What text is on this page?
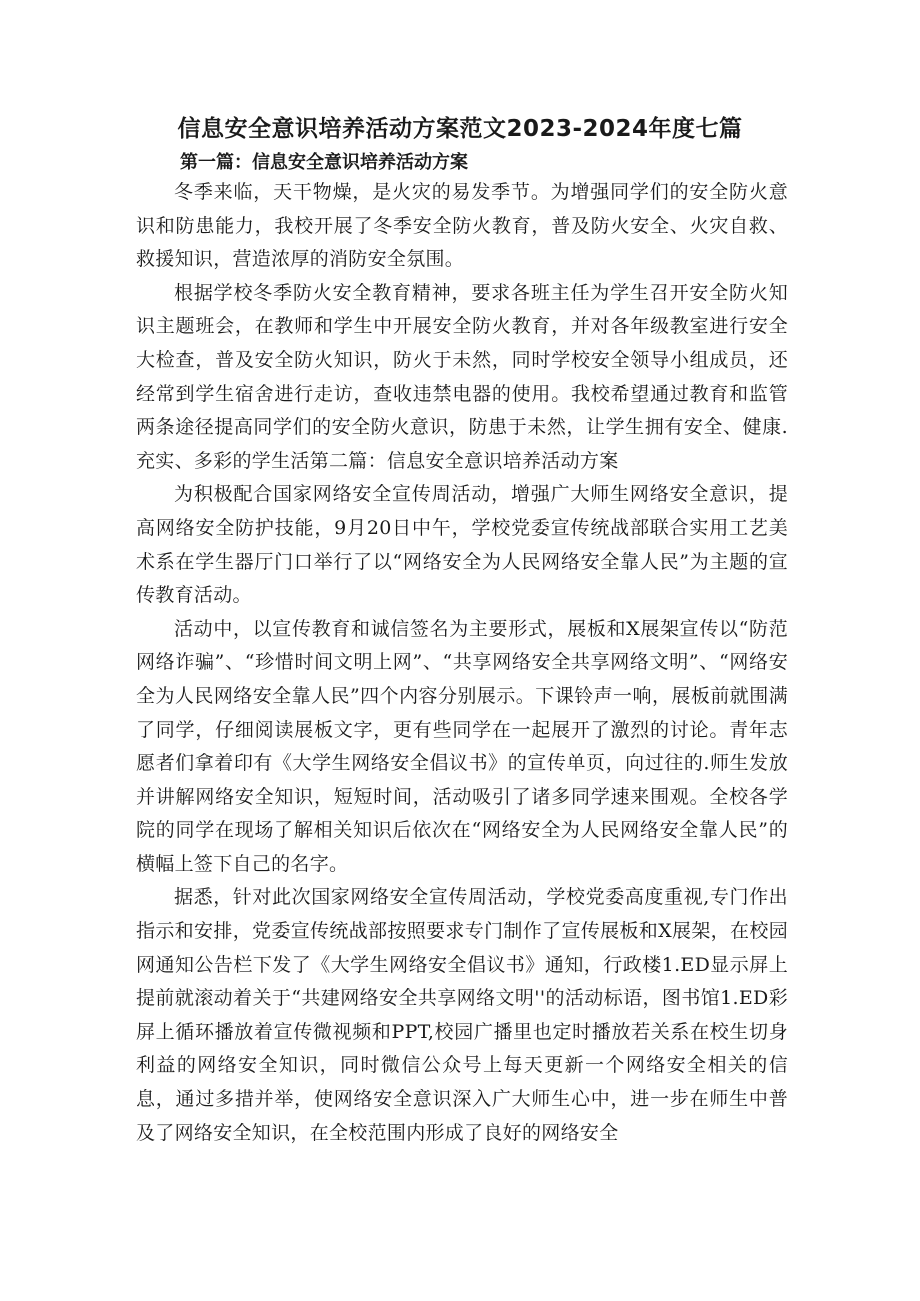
信息安全意识培养活动方案范文2023-2024年度七篇
第一篇：信息安全意识培养活动方案

冬季来临，天干物燥，是火灾的易发季节。为增强同学们的安全防火意识和防患能力，我校开展了冬季安全防火教育，普及防火安全、火灾自救、救援知识，营造浓厚的消防安全氛围。

根据学校冬季防火安全教育精神，要求各班主任为学生召开安全防火知识主题班会，在教师和学生中开展安全防火教育，并对各年级教室进行安全大检查，普及安全防火知识，防火于未然，同时学校安全领导小组成员，还经常到学生宿舍进行走访，查收违禁电器的使用。我校希望通过教育和监管两条途径提高同学们的安全防火意识，防患于未然，让学生拥有安全、健康.充实、多彩的学生活第二篇：信息安全意识培养活动方案

为积极配合国家网络安全宣传周活动，增强广大师生网络安全意识，提高网络安全防护技能，9月20日中午，学校党委宣传统战部联合实用工艺美术系在学生器厅门口举行了以“网络安全为人民网络安全靠人民”为主题的宣传教育活动。

活动中，以宣传教育和诚信签名为主要形式，展板和X展架宣传以“防范网络诈骗”、“珍惜时间文明上网”、“共享网络安全共享网络文明”、“网络安全为人民网络安全靠人民”四个内容分别展示。下课铃声一响，展板前就围满了同学，仔细阅读展板文字，更有些同学在一起展开了激烈的讨论。青年志愿者们拿着印有《大学生网络安全倡议书》的宣传单页，向过往的.师生发放并讲解网络安全知识，短短时间，活动吸引了诸多同学速来围观。全校各学院的同学在现场了解相关知识后依次在“网络安全为人民网络安全靠人民”的横幅上签下自己的名字。

据悉，针对此次国家网络安全宣传周活动，学校党委高度重视,专门作出指示和安排，党委宣传统战部按照要求专门制作了宣传展板和X展架，在校园网通知公告栏下发了《大学生网络安全倡议书》通知，行政楼1.ED显示屏上提前就滚动着关于“共建网络安全共享网络文明''的活动标语，图书馆1.ED彩屏上循环播放着宣传微视频和PPT,校园广播里也定时播放若关系在校生切身利益的网络安全知识，同时微信公众号上每天更新一个网络安全相关的信息，通过多措并举，使网络安全意识深入广大师生心中，进一步在师生中普及了网络安全知识，在全校范围内形成了良好的网络安全
